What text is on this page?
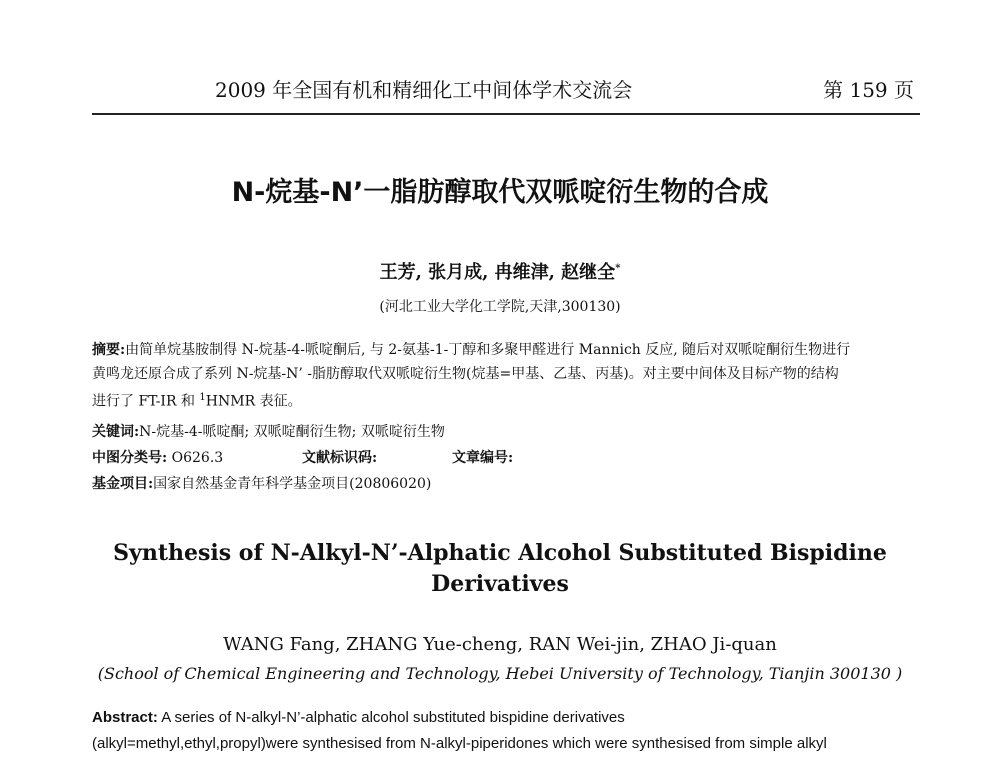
2009 年全国有机和精细化工中间体学术交流会	第 159 页
N-烷基-N’一脂肪醇取代双哌啶衍生物的合成
王芳, 张月成, 冉维津, 赵继全*
(河北工业大学化工学院,天津,300130)
摘要:由简单烷基胺制得 N-烷基-4-哌啶酮后, 与 2-氨基-1-丁醇和多聚甲醛进行 Mannich 反应, 随后对双哌啶酮衍生物进行
黄鸣龙还原合成了系列 N-烷基-N’ -脂肪醇取代双哌啶衍生物(烷基=甲基、乙基、丙基)。对主要中间体及目标产物的结构
进行了 FT-IR 和 $^1$HNMR 表征。
关键词:N-烷基-4-哌啶酮; 双哌啶酮衍生物; 双哌啶衍生物
中图分类号: O626.3	文献标识码:	文章编号:
基金项目:国家自然基金青年科学基金项目(20806020)
Synthesis of N-Alkyl-N’-Alphatic Alcohol Substituted Bispidine
Derivatives
WANG Fang, ZHANG Yue-cheng, RAN Wei-jin, ZHAO Ji-quan
(School of Chemical Engineering and Technology, Hebei University of Technology, Tianjin 300130 )
Abstract: A series of N-alkyl-N’-alphatic alcohol substituted bispidine derivatives
(alkyl=methyl,ethyl,propyl)were synthesised from N-alkyl-piperidones which were synthesised from simple alkyl
